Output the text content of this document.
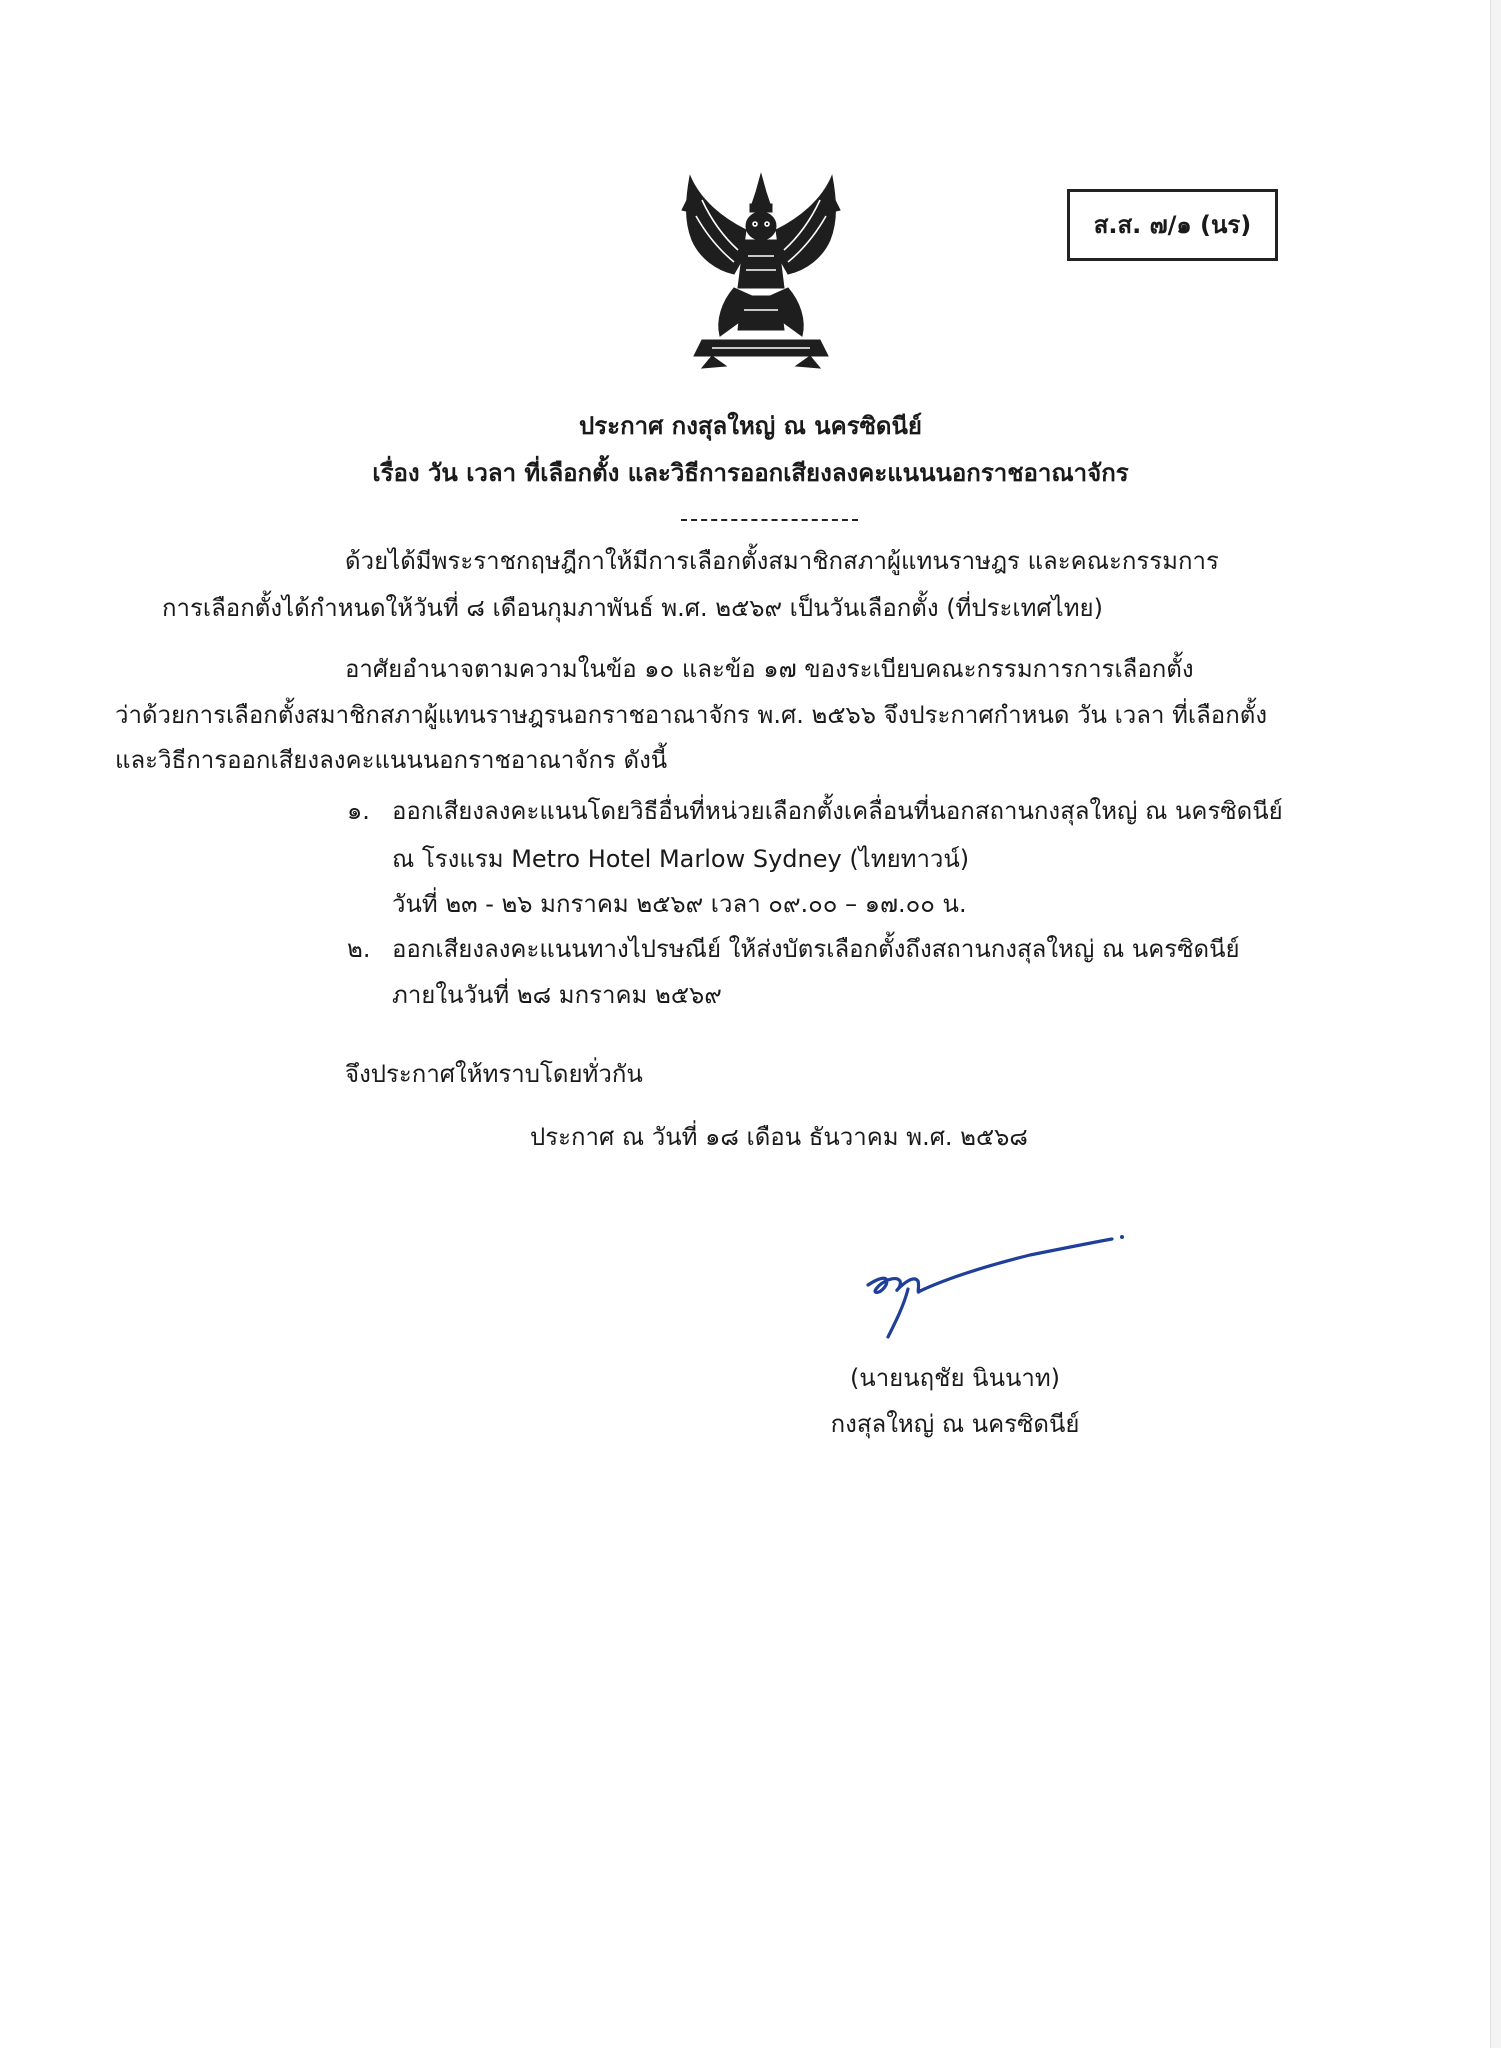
ส.ส. ๗/๑ (นร)
ประกาศ กงสุลใหญ่ ณ นครซิดนีย์
เรื่อง วัน เวลา ที่เลือกตั้ง และวิธีการออกเสียงลงคะแนนนอกราชอาณาจักร
ด้วยได้มีพระราชกฤษฎีกาให้มีการเลือกตั้งสมาชิกสภาผู้แทนราษฎร และคณะกรรมการ
การเลือกตั้งได้กำหนดให้วันที่ ๘ เดือนกุมภาพันธ์ พ.ศ. ๒๕๖๙ เป็นวันเลือกตั้ง (ที่ประเทศไทย)
อาศัยอำนาจตามความในข้อ ๑๐ และข้อ ๑๗ ของระเบียบคณะกรรมการการเลือกตั้ง
ว่าด้วยการเลือกตั้งสมาชิกสภาผู้แทนราษฎรนอกราชอาณาจักร พ.ศ. ๒๕๖๖ จึงประกาศกำหนด วัน เวลา ที่เลือกตั้ง
และวิธีการออกเสียงลงคะแนนนอกราชอาณาจักร ดังนี้
๑. ออกเสียงลงคะแนนโดยวิธีอื่นที่หน่วยเลือกตั้งเคลื่อนที่นอกสถานกงสุลใหญ่ ณ นครซิดนีย์
ณ โรงแรม Metro Hotel Marlow Sydney (ไทยทาวน์)
วันที่ ๒๓ - ๒๖ มกราคม ๒๕๖๙ เวลา ๐๙.๐๐ – ๑๗.๐๐ น.
๒. ออกเสียงลงคะแนนทางไปรษณีย์ ให้ส่งบัตรเลือกตั้งถึงสถานกงสุลใหญ่ ณ นครซิดนีย์
ภายในวันที่ ๒๘ มกราคม ๒๕๖๙
จึงประกาศให้ทราบโดยทั่วกัน
ประกาศ ณ วันที่ ๑๘ เดือน ธันวาคม พ.ศ. ๒๕๖๘
(นายนฤชัย นินนาท)
กงสุลใหญ่ ณ นครซิดนีย์
